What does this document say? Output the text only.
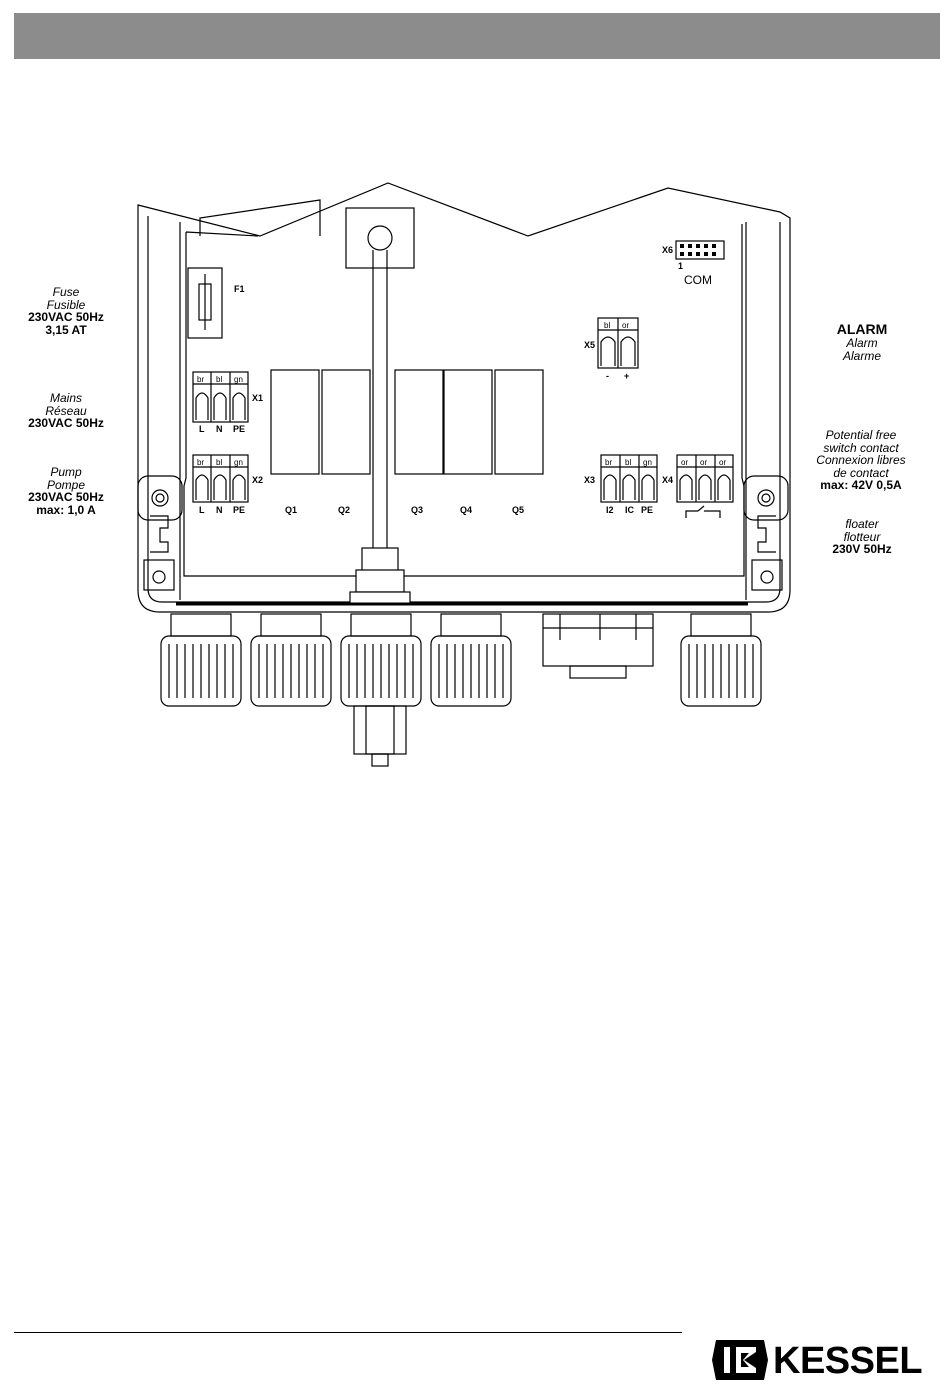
Fuse
Fusible
230VAC 50Hz
3,15 AT
Mains
Réseau
230VAC 50Hz
Pump
Pompe
230VAC 50Hz
max: 1,0 A
ALARM
Alarm
Alarme
Potential free
switch contact
Connexion libres
de contact
max: 42V 0,5A
floater
flotteur
230V 50Hz
F1
X6
1
X5
X1
X2	X3	X4
Q1	Q2	Q3	Q4	Q5
L N PE
L N PE	I2 IC PE
- +
COM
br bl gn
br bl gn
bl or
br bl gn	or or or
KESSEL
